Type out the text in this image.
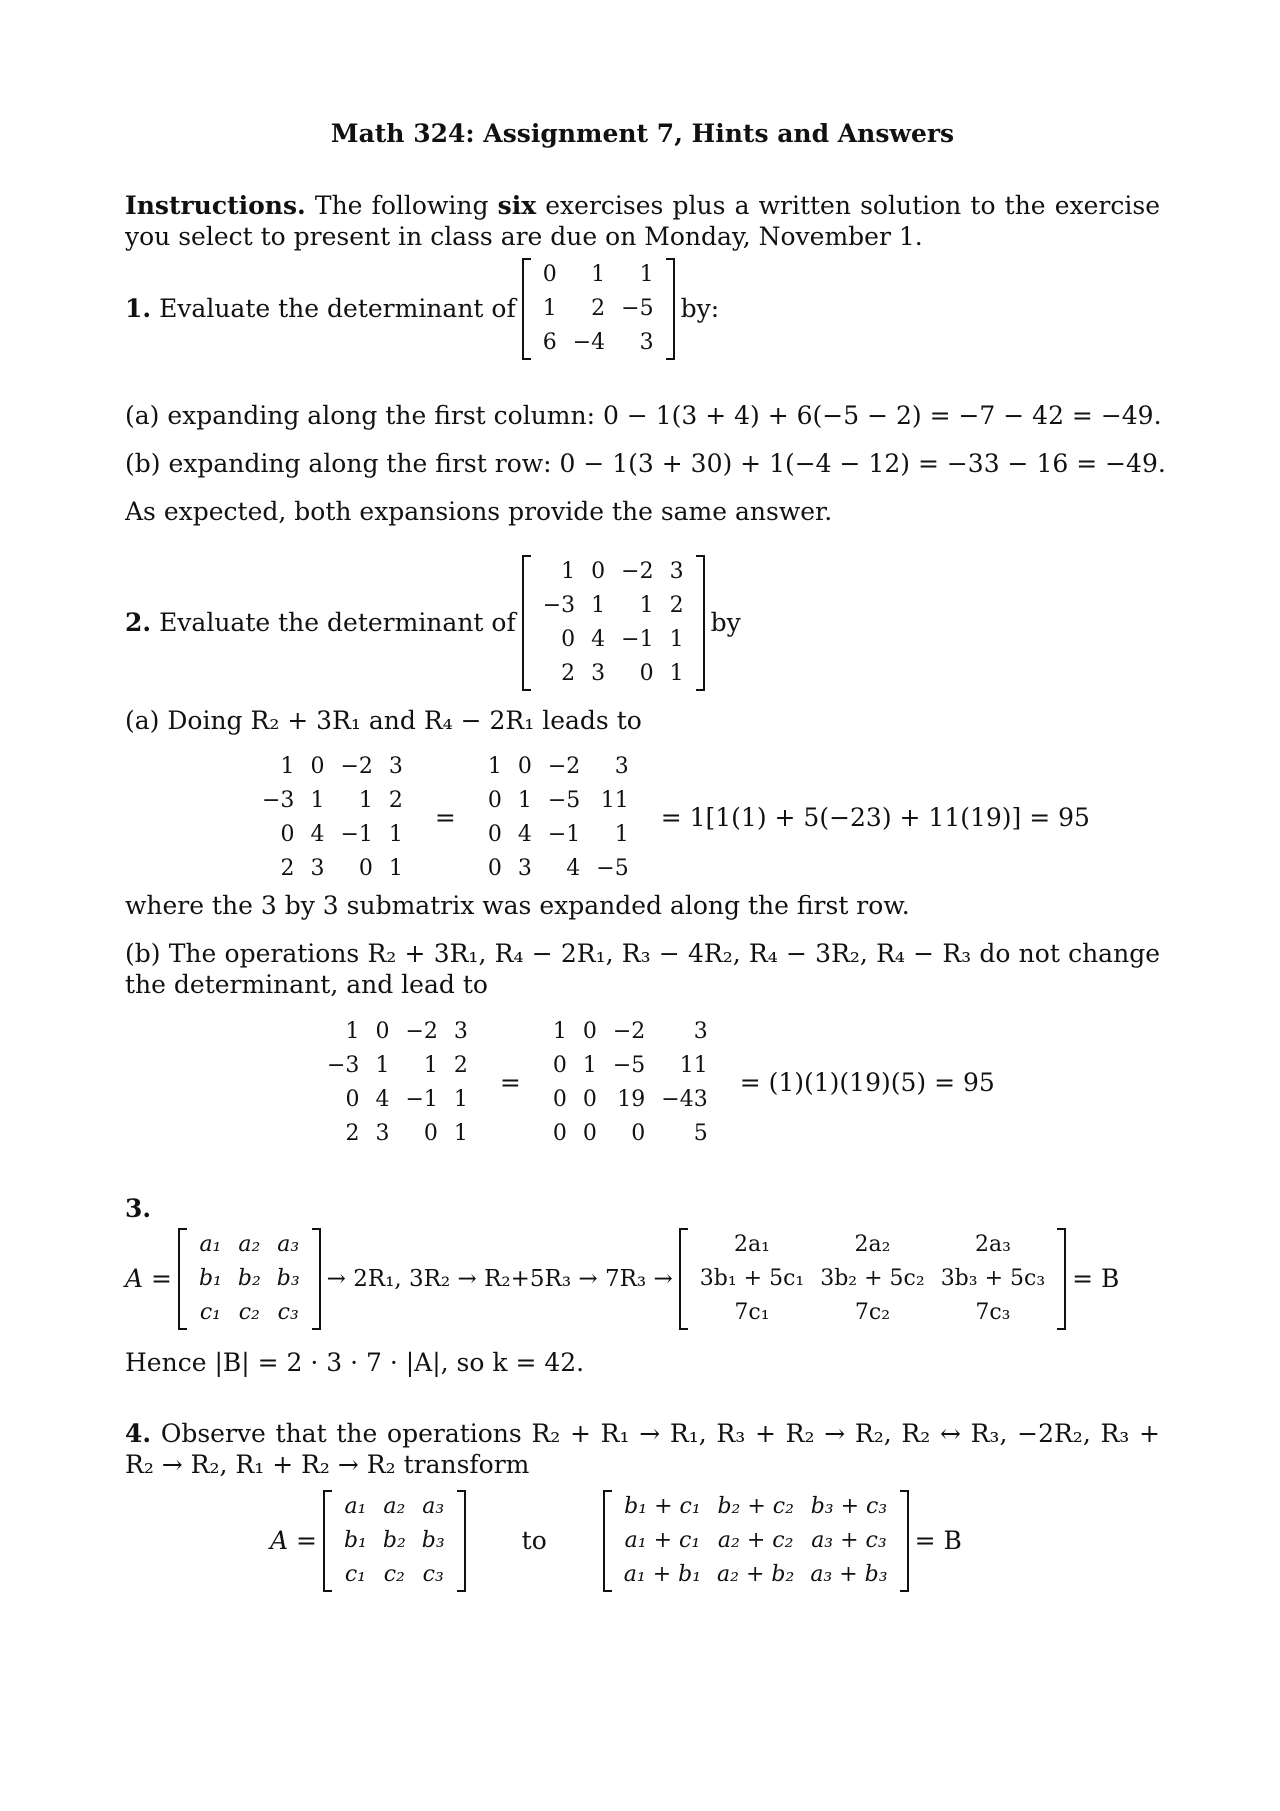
Math 324: Assignment 7, Hints and Answers
Instructions. The following six exercises plus a written solution to the exercise you select to present in class are due on Monday, November 1.
1.
Evaluate the determinant of
0	1	1
1	2	−5
6	−4	3
by:
(a) expanding along the first column: 0 − 1(3 + 4) + 6(−5 − 2) = −7 − 42 = −49.
(b) expanding along the first row: 0 − 1(3 + 30) + 1(−4 − 12) = −33 − 16 = −49.
As expected, both expansions provide the same answer.
2.
Evaluate the determinant of
1	0	−2	3
−3	1	1	2
0	4	−1	1
2	3	0	1
by
(a) Doing R₂ + 3R₁ and R₄ − 2R₁ leads to
1	0	−2	3
−3	1	1	2
0	4	−1	1
2	3	0	1
=
1	0	−2	3
0	1	−5	11
0	4	−1	1
0	3	4	−5
= 1[1(1) + 5(−23) + 11(19)] = 95
where the 3 by 3 submatrix was expanded along the first row.
(b) The operations R₂ + 3R₁, R₄ − 2R₁, R₃ − 4R₂, R₄ − 3R₂, R₄ − R₃ do not change the determinant, and lead to
1	0	−2	3
−3	1	1	2
0	4	−1	1
2	3	0	1
=
1	0	−2	3
0	1	−5	11
0	0	19	−43
0	0	0	5
= (1)(1)(19)(5) = 95
3.
A =
a₁	a₂	a₃
b₁	b₂	b₃
c₁	c₂	c₃
→ 2R₁, 3R₂ → R₂+5R₃ → 7R₃ →
2a₁	2a₂	2a₃
3b₁ + 5c₁	3b₂ + 5c₂	3b₃ + 5c₃
7c₁	7c₂	7c₃
= B
Hence |B| = 2 · 3 · 7 · |A|, so k = 42.
4. Observe that the operations R₂ + R₁ → R₁, R₃ + R₂ → R₂, R₂ ↔ R₃, −2R₂, R₃ + R₂ → R₂, R₁ + R₂ → R₂ transform
A =
a₁	a₂	a₃
b₁	b₂	b₃
c₁	c₂	c₃
to
b₁ + c₁	b₂ + c₂	b₃ + c₃
a₁ + c₁	a₂ + c₂	a₃ + c₃
a₁ + b₁	a₂ + b₂	a₃ + b₃
= B
